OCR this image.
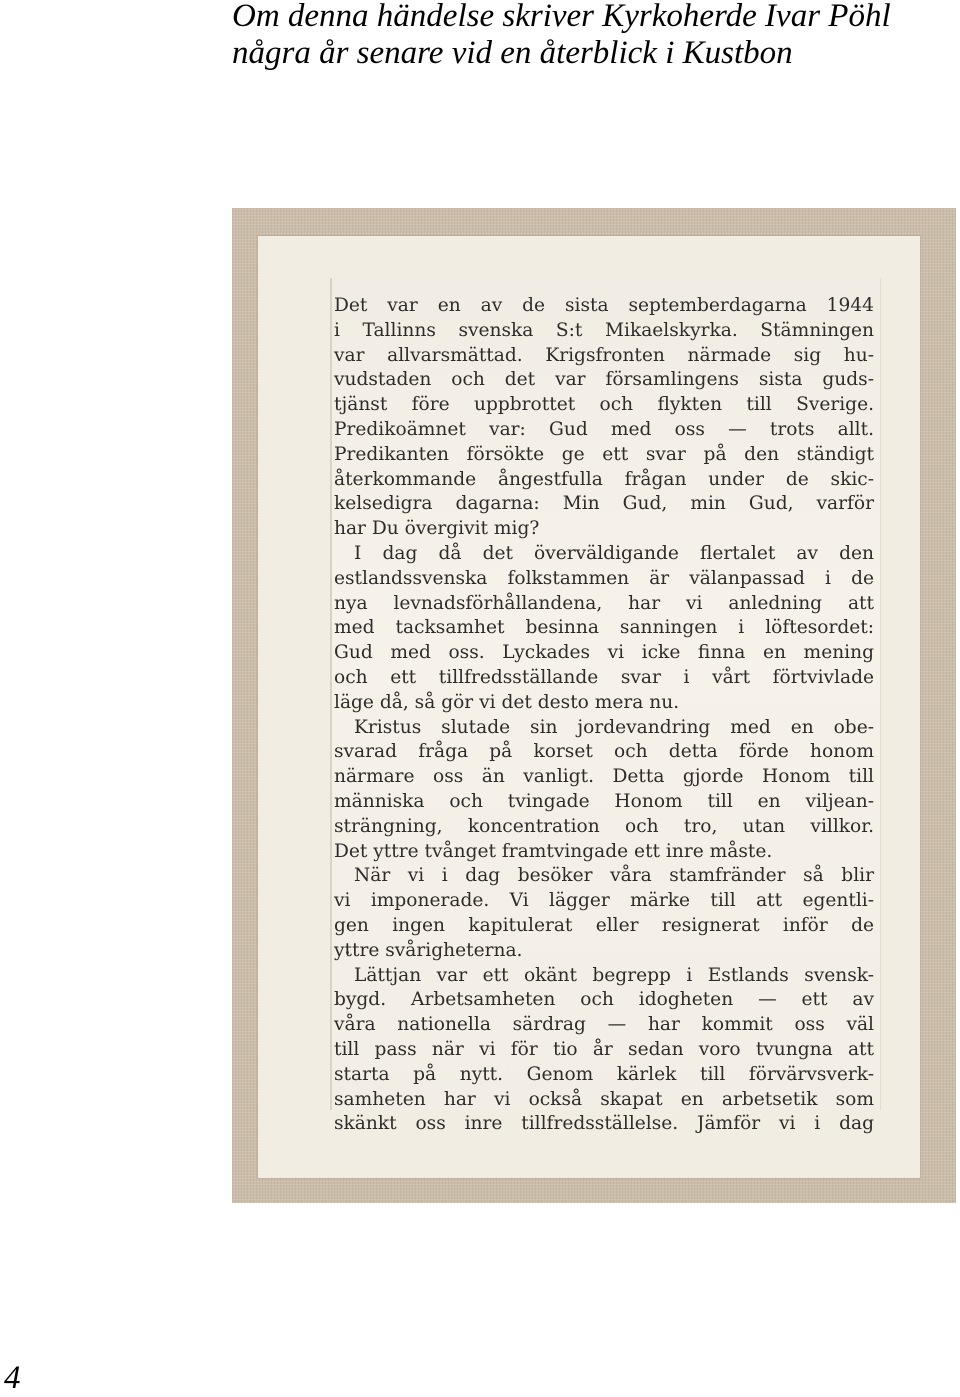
Om denna händelse skriver Kyrkoherde Ivar Pöhl
några år senare vid en återblick i Kustbon
Det var en av de sista septemberdagarna 1944
i Tallinns svenska S:t Mikaelskyrka. Stämningen
var allvarsmättad. Krigsfronten närmade sig hu-
vudstaden och det var församlingens sista guds-
tjänst före uppbrottet och flykten till Sverige.
Predikoämnet var: Gud med oss — trots allt.
Predikanten försökte ge ett svar på den ständigt
återkommande ångestfulla frågan under de skic-
kelsedigra dagarna: Min Gud, min Gud, varför
har Du övergivit mig?
I dag då det överväldigande flertalet av den
estlandssvenska folkstammen är välanpassad i de
nya levnadsförhållandena, har vi anledning att
med tacksamhet besinna sanningen i löftesordet:
Gud med oss. Lyckades vi icke finna en mening
och ett tillfredsställande svar i vårt förtvivlade
läge då, så gör vi det desto mera nu.
Kristus slutade sin jordevandring med en obe-
svarad fråga på korset och detta förde honom
närmare oss än vanligt. Detta gjorde Honom till
människa och tvingade Honom till en viljean-
strängning, koncentration och tro, utan villkor.
Det yttre tvånget framtvingade ett inre måste.
När vi i dag besöker våra stamfränder så blir
vi imponerade. Vi lägger märke till att egentli-
gen ingen kapitulerat eller resignerat inför de
yttre svårigheterna.
Lättjan var ett okänt begrepp i Estlands svensk-
bygd. Arbetsamheten och idogheten — ett av
våra nationella särdrag — har kommit oss väl
till pass när vi för tio år sedan voro tvungna att
starta på nytt. Genom kärlek till förvärvsverk-
samheten har vi också skapat en arbetsetik som
skänkt oss inre tillfredsställelse. Jämför vi i dag
4
